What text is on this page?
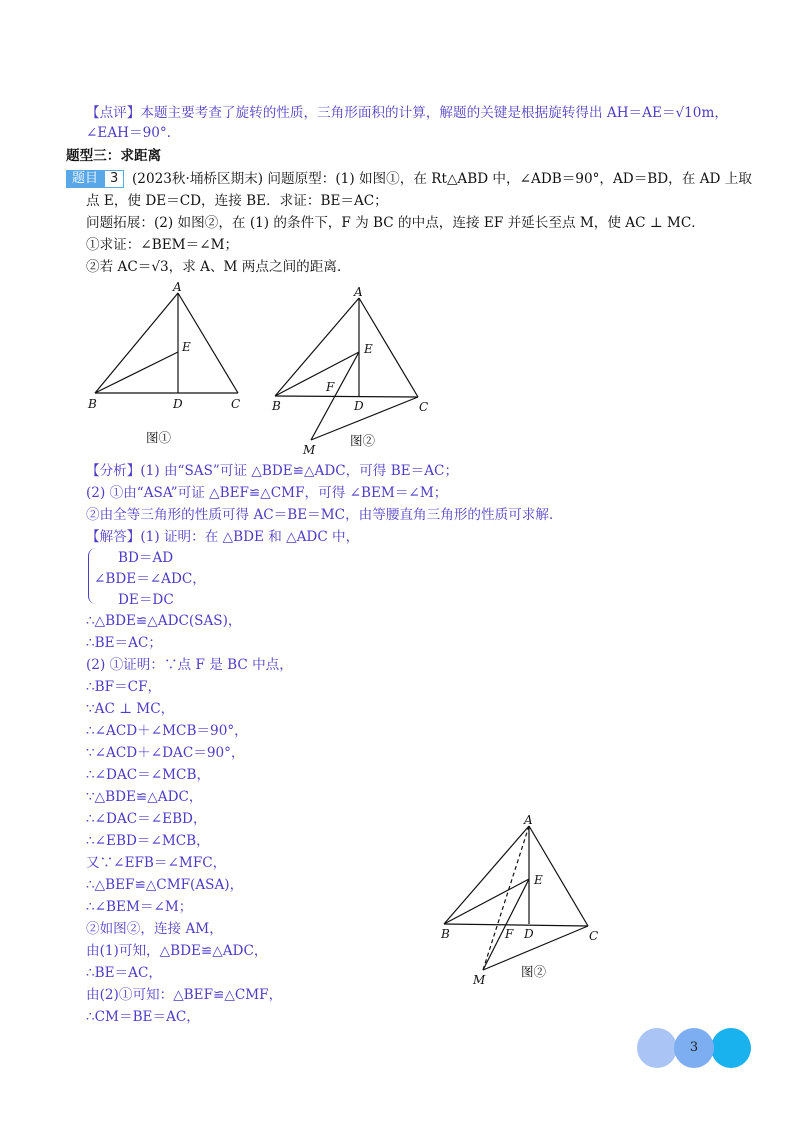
【点评】本题主要考查了旋转的性质，三角形面积的计算，解题的关键是根据旋转得出 AH＝AE＝√10m，
∠EAH＝90°.
题型三：求距离
题目 3	(2023秋·埇桥区期末) 问题原型：(1) 如图①，在 Rt△ABD 中，∠ADB＝90°，AD＝BD，在 AD 上取
点 E，使 DE＝CD，连接 BE．求证：BE＝AC；
问题拓展：(2) 如图②，在 (1) 的条件下，F 为 BC 的中点，连接 EF 并延长至点 M，使 AC ⊥ MC．
①求证：∠BEM＝∠M；
②若 AC＝√3，求 A、M 两点之间的距离．
A
B	C
D
E
图①
A
B	C
D
E
F
M
图②
A
B	C
D
E
F
M
图②
【分析】(1) 由“SAS”可证 △BDE≌△ADC，可得 BE＝AC；
(2) ①由“ASA”可证 △BEF≌△CMF，可得 ∠BEM＝∠M；
②由全等三角形的性质可得 AC＝BE＝MC，由等腰直角三角形的性质可求解．
【解答】(1) 证明：在 △BDE 和 △ADC 中，
BD＝AD
∠BDE＝∠ADC，
DE＝DC
∴△BDE≌△ADC(SAS)，
∴BE＝AC；
(2) ①证明：∵点 F 是 BC 中点，
∴BF＝CF，
∵AC ⊥ MC，
∴∠ACD＋∠MCB＝90°，
∵∠ACD＋∠DAC＝90°，
∴∠DAC＝∠MCB，
∵△BDE≌△ADC，
∴∠DAC＝∠EBD，
∴∠EBD＝∠MCB，
又∵∠EFB＝∠MFC，
∴△BEF≌△CMF(ASA)，
∴∠BEM＝∠M；
②如图②，连接 AM，
由(1)可知，△BDE≌△ADC，
∴BE＝AC，
由(2)①可知：△BEF≌△CMF，
∴CM＝BE＝AC，
3
